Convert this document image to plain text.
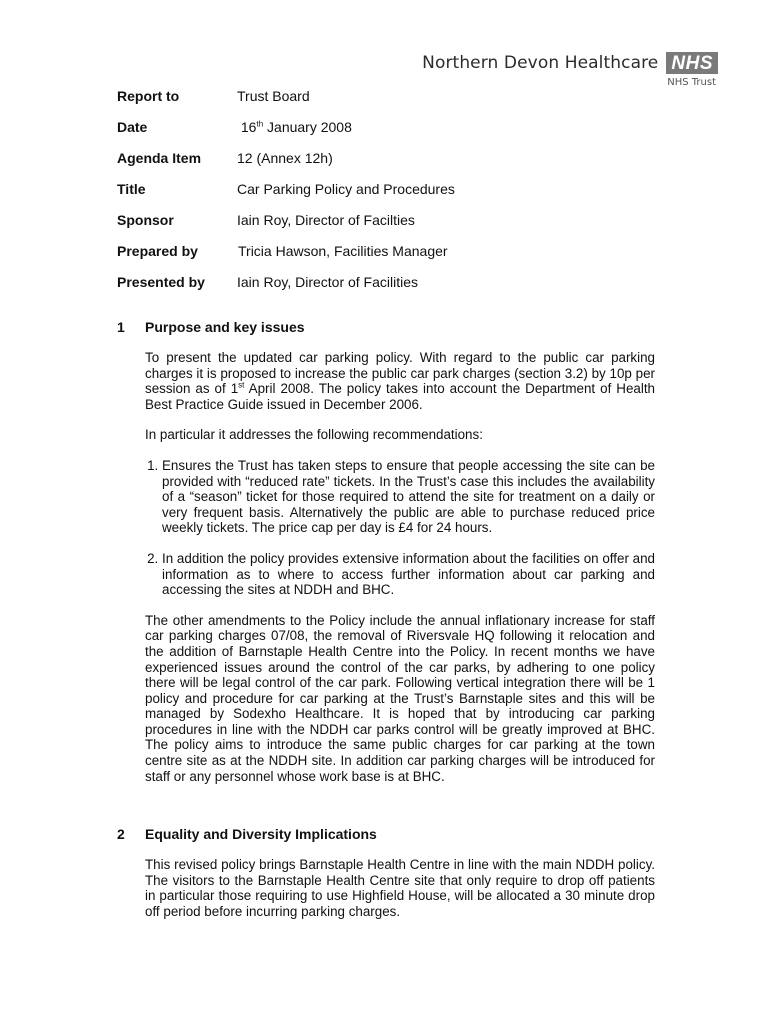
Northern Devon Healthcare NHS
NHS Trust
Report to	Trust Board
Date	16th January 2008
Agenda Item	12 (Annex 12h)
Title	Car Parking Policy and Procedures
Sponsor	Iain Roy, Director of Facilties
Prepared by	Tricia Hawson, Facilities Manager
Presented by	Iain Roy, Director of Facilities
1 Purpose and key issues

To present the updated car parking policy. With regard to the public car parking charges it is proposed to increase the public car park charges (section 3.2) by 10p per session as of 1st April 2008. The policy takes into account the Department of Health Best Practice Guide issued in December 2006.

In particular it addresses the following recommendations:

1. Ensures the Trust has taken steps to ensure that people accessing the site can be provided with “reduced rate” tickets. In the Trust’s case this includes the availability of a “season” ticket for those required to attend the site for treatment on a daily or very frequent basis. Alternatively the public are able to purchase reduced price weekly tickets. The price cap per day is £4 for 24 hours.
2. In addition the policy provides extensive information about the facilities on offer and information as to where to access further information about car parking and accessing the sites at NDDH and BHC.

The other amendments to the Policy include the annual inflationary increase for staff car parking charges 07/08, the removal of Riversvale HQ following it relocation and the addition of Barnstaple Health Centre into the Policy. In recent months we have experienced issues around the control of the car parks, by adhering to one policy there will be legal control of the car park. Following vertical integration there will be 1 policy and procedure for car parking at the Trust’s Barnstaple sites and this will be managed by Sodexho Healthcare. It is hoped that by introducing car parking procedures in line with the NDDH car parks control will be greatly improved at BHC. The policy aims to introduce the same public charges for car parking at the town centre site as at the NDDH site. In addition car parking charges will be introduced for staff or any personnel whose work base is at BHC.

2 Equality and Diversity Implications

This revised policy brings Barnstaple Health Centre in line with the main NDDH policy. The visitors to the Barnstaple Health Centre site that only require to drop off patients in particular those requiring to use Highfield House, will be allocated a 30 minute drop off period before incurring parking charges.
